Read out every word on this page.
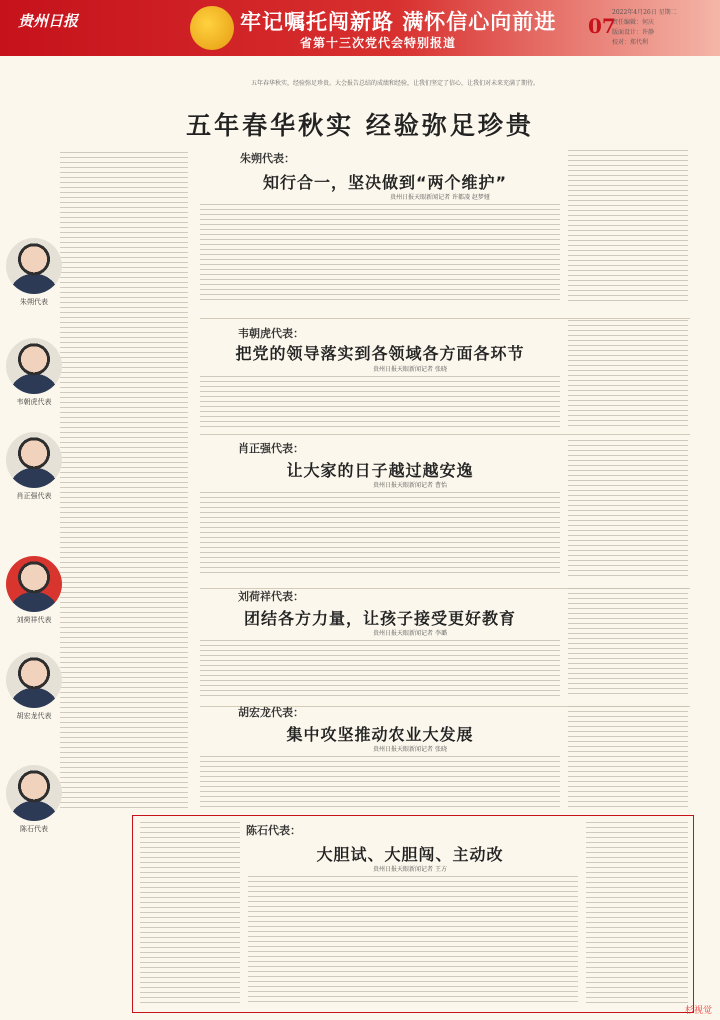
贵州日报	牢记嘱托闯新路 满怀信心向前进
省第十三次党代会特别报道
07
2022年4月26日 星期二
责任编辑：何庆
版面设计：许静
校对：郑代利
五年春华秋实，经验弥足珍贵。大会报告总结的成绩和经验，让我们坚定了信心，让我们对未来充满了期待。
五年春华秋实 经验弥足珍贵
朱朔代表
韦朝虎代表
肖正强代表
刘荷祥代表
胡宏龙代表
陈石代表
朱朔代表：
知行合一，坚决做到“两个维护”
贵州日报天眼新闻记者 许都凌 赵梦娅
韦朝虎代表：
把党的领导落实到各领域各方面各环节
贵州日报天眼新闻记者 张晓
肖正强代表：
让大家的日子越过越安逸
贵州日报天眼新闻记者 曹怡
刘荷祥代表：
团结各方力量，让孩子接受更好教育
贵州日报天眼新闻记者 李璐
胡宏龙代表：
集中攻坚推动农业大发展
贵州日报天眼新闻记者 张晓
陈石代表：
大胆试、大胆闯、主动改
贵州日报天眼新闻记者 王方
杉视觉
